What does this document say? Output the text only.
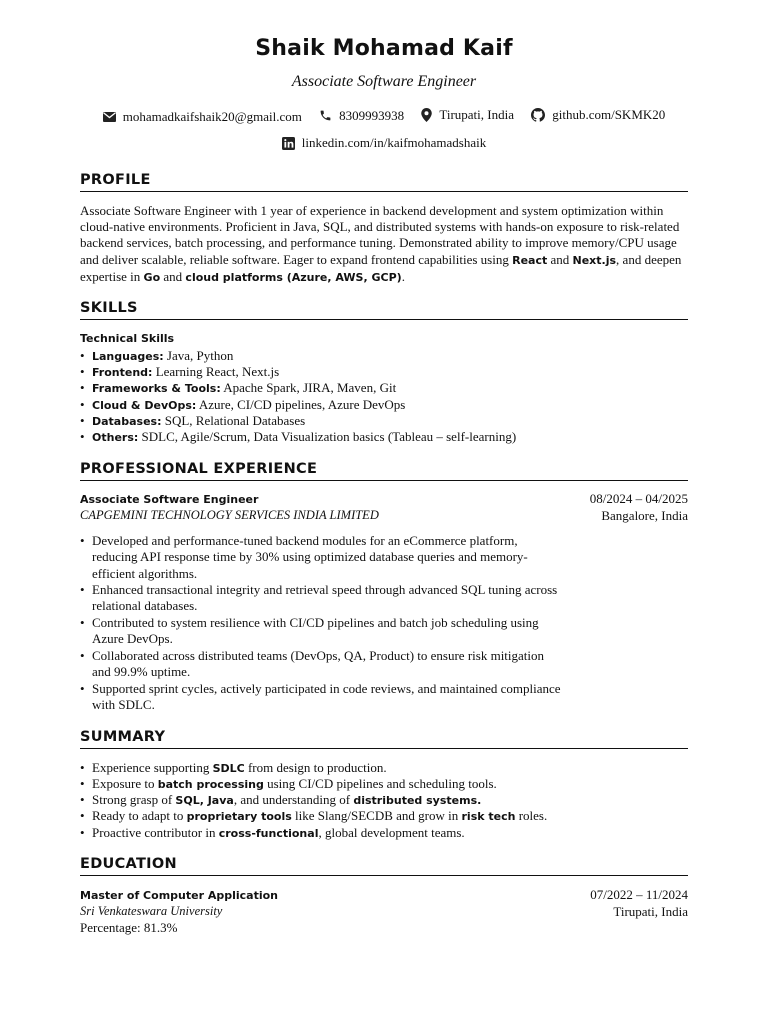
Shaik Mohamad Kaif
Associate Software Engineer
mohamadkaifshaik20@gmail.com
	8309993938
	Tirupati, India
	github.com/SKMK20
linkedin.com/in/kaifmohamadshaik
PROFILE
Associate Software Engineer with 1 year of experience in backend development and system optimization within cloud-native environments. Proficient in Java, SQL, and distributed systems with hands-on exposure to risk-related backend services, batch processing, and performance tuning. Demonstrated ability to improve memory/CPU usage and deliver scalable, reliable software. Eager to expand frontend capabilities using React and Next.js, and deepen expertise in Go and cloud platforms (Azure, AWS, GCP).
SKILLS
Technical Skills
• Languages: Java, Python
• Frontend: Learning React, Next.js
• Frameworks & Tools: Apache Spark, JIRA, Maven, Git
• Cloud & DevOps: Azure, CI/CD pipelines, Azure DevOps
• Databases: SQL, Relational Databases
• Others: SDLC, Agile/Scrum, Data Visualization basics (Tableau – self-learning)
PROFESSIONAL EXPERIENCE
Associate Software Engineer	08/2024 – 04/2025
CAPGEMINI TECHNOLOGY SERVICES INDIA LIMITED	Bangalore, India
• Developed and performance-tuned backend modules for an eCommerce platform, reducing API response time by 30% using optimized database queries and memory-efficient algorithms.
• Enhanced transactional integrity and retrieval speed through advanced SQL tuning across relational databases.
• Contributed to system resilience with CI/CD pipelines and batch job scheduling using Azure DevOps.
• Collaborated across distributed teams (DevOps, QA, Product) to ensure risk mitigation and 99.9% uptime.
• Supported sprint cycles, actively participated in code reviews, and maintained compliance with SDLC.
SUMMARY
• Experience supporting SDLC from design to production.
• Exposure to batch processing using CI/CD pipelines and scheduling tools.
• Strong grasp of SQL, Java, and understanding of distributed systems.
• Ready to adapt to proprietary tools like Slang/SECDB and grow in risk tech roles.
• Proactive contributor in cross-functional, global development teams.
EDUCATION
Master of Computer Application	07/2022 – 11/2024
Sri Venkateswara University	Tirupati, India
Percentage: 81.3%
